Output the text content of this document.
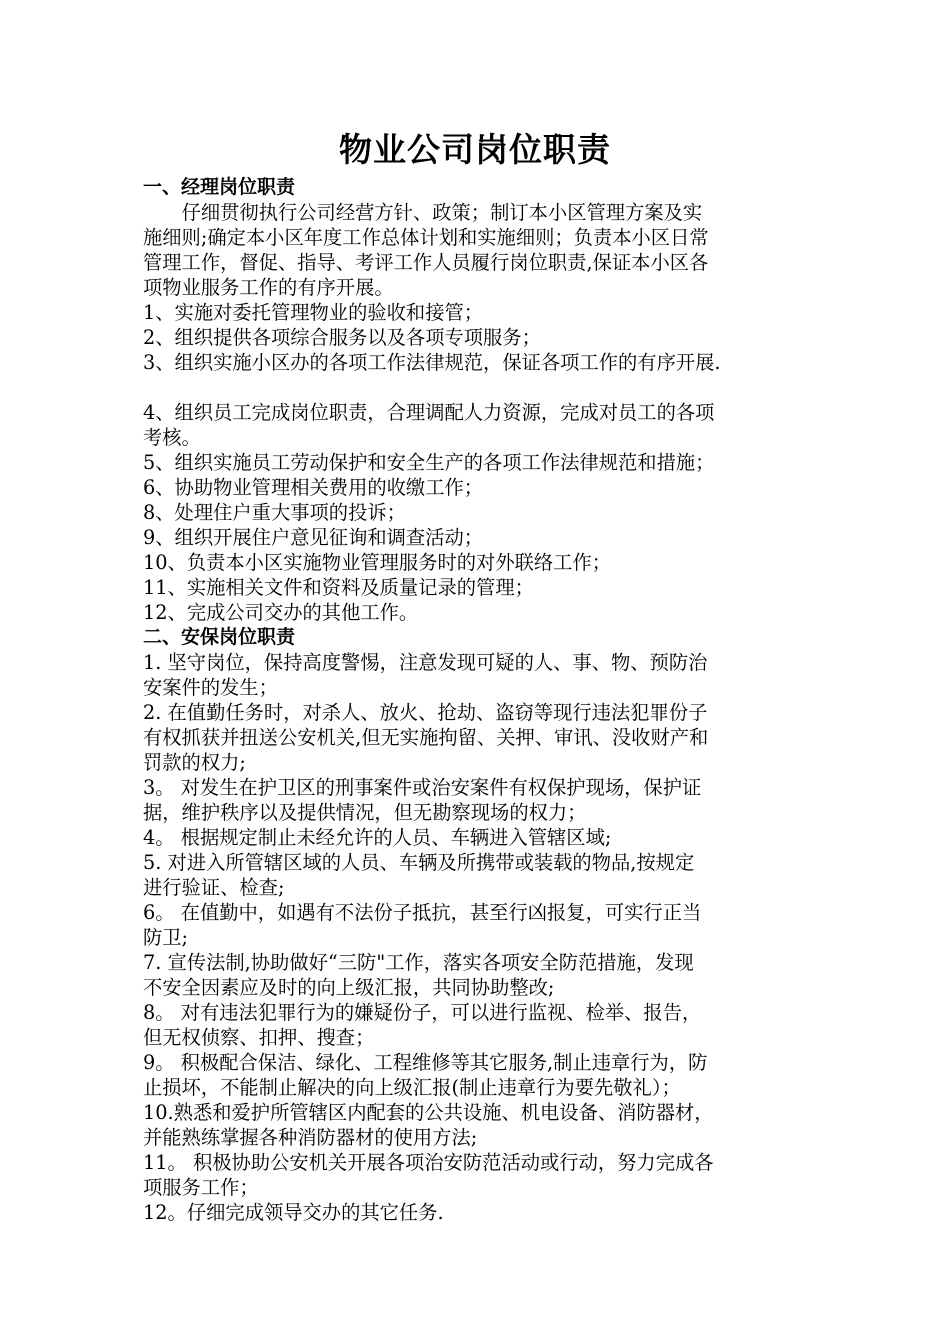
物业公司岗位职责

一、经理岗位职责

仔细贯彻执行公司经营方针、政策；制订本小区管理方案及实

施细则;确定本小区年度工作总体计划和实施细则；负责本小区日常

管理工作，督促、指导、考评工作人员履行岗位职责,保证本小区各

项物业服务工作的有序开展。

1、实施对委托管理物业的验收和接管；

2、组织提供各项综合服务以及各项专项服务；

3、组织实施小区办的各项工作法律规范，保证各项工作的有序开展.

4、组织员工完成岗位职责，合理调配人力资源，完成对员工的各项

考核。

5、组织实施员工劳动保护和安全生产的各项工作法律规范和措施；

6、协助物业管理相关费用的收缴工作；

8、处理住户重大事项的投诉；

9、组织开展住户意见征询和调查活动；

10、负责本小区实施物业管理服务时的对外联络工作；

11、实施相关文件和资料及质量记录的管理；

12、完成公司交办的其他工作。

二、安保岗位职责

1. 坚守岗位，保持高度警惕，注意发现可疑的人、事、物、预防治

安案件的发生；

2. 在值勤任务时，对杀人、放火、抢劫、盗窃等现行违法犯罪份子

有权抓获并扭送公安机关,但无实施拘留、关押、审讯、没收财产和

罚款的权力;

3。 对发生在护卫区的刑事案件或治安案件有权保护现场，保护证

据，维护秩序以及提供情况，但无勘察现场的权力；

4。 根据规定制止未经允许的人员、车辆进入管辖区域;

5. 对进入所管辖区域的人员、车辆及所携带或装载的物品,按规定

进行验证、检查;

6。 在值勤中，如遇有不法份子抵抗，甚至行凶报复，可实行正当

防卫;

7. 宣传法制,协助做好“三防"工作，落实各项安全防范措施，发现

不安全因素应及时的向上级汇报，共同协助整改;

8。 对有违法犯罪行为的嫌疑份子，可以进行监视、检举、报告，

但无权侦察、扣押、搜查；

9。 积极配合保洁、绿化、工程维修等其它服务,制止违章行为，防

止损坏，不能制止解决的向上级汇报(制止违章行为要先敬礼）；

10.熟悉和爱护所管辖区内配套的公共设施、机电设备、消防器材，

并能熟练掌握各种消防器材的使用方法;

11。 积极协助公安机关开展各项治安防范活动或行动，努力完成各

项服务工作；

12。仔细完成领导交办的其它任务.
